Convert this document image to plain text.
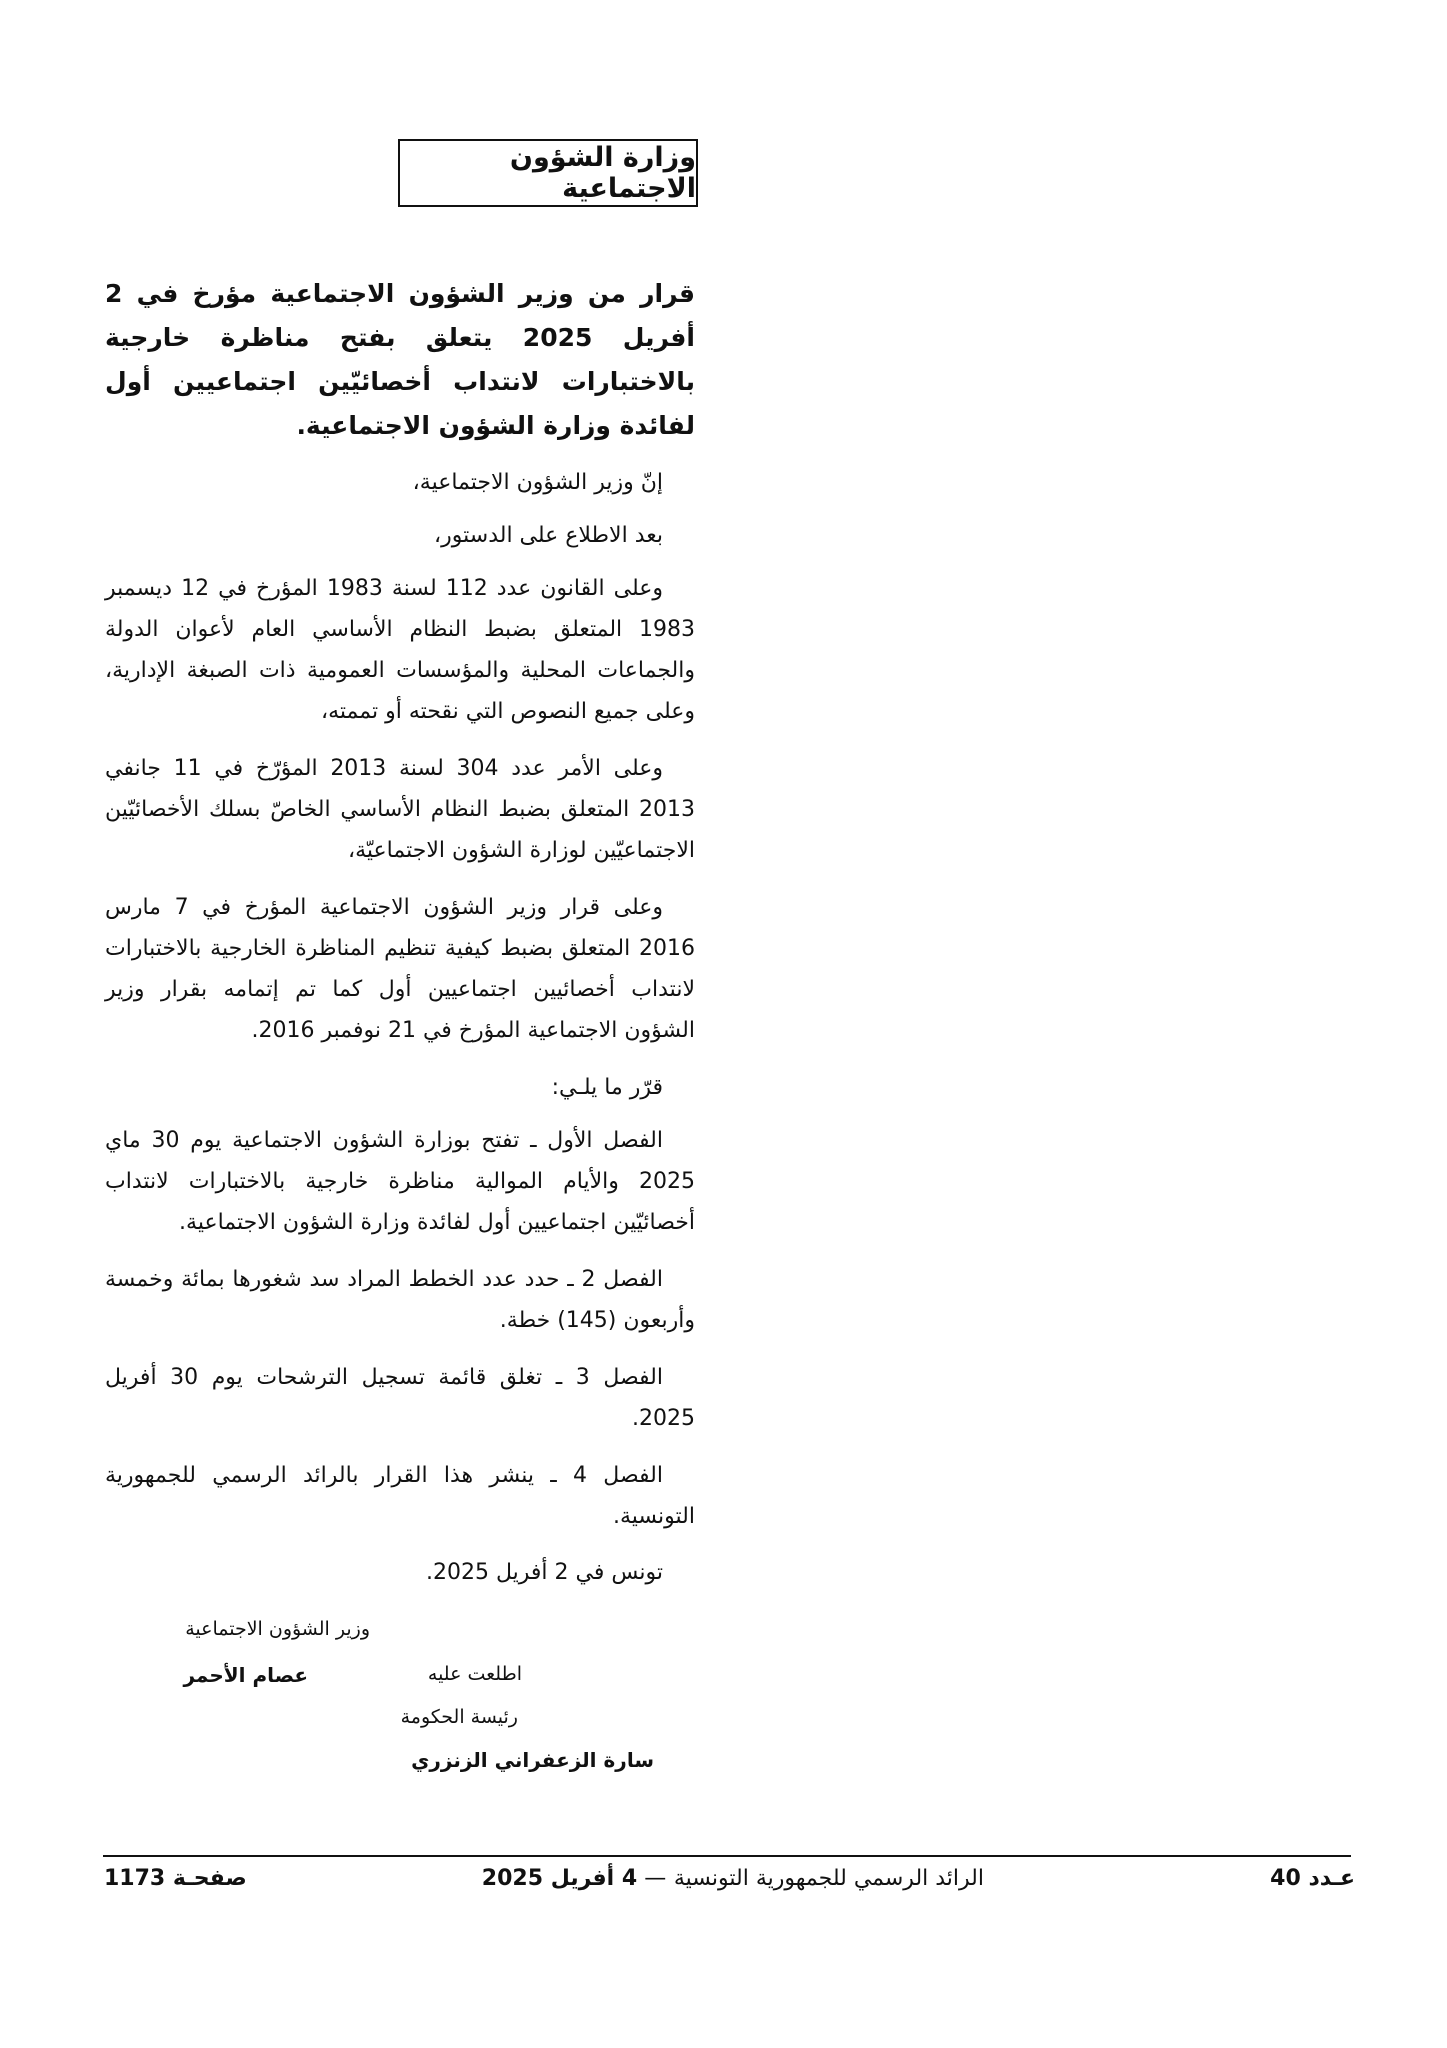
وزارة الشؤون الاجتماعية

قرار من وزير الشؤون الاجتماعية مؤرخ في 2 أفريل 2025 يتعلق بفتح مناظرة خارجية بالاختبارات لانتداب أخصائيّين اجتماعيين أول لفائدة وزارة الشؤون الاجتماعية.

إنّ وزير الشؤون الاجتماعية،

بعد الاطلاع على الدستور،

وعلى القانون عدد 112 لسنة 1983 المؤرخ في 12 ديسمبر 1983 المتعلق بضبط النظام الأساسي العام لأعوان الدولة والجماعات المحلية والمؤسسات العمومية ذات الصبغة الإدارية، وعلى جميع النصوص التي نقحته أو تممته،

وعلى الأمر عدد 304 لسنة 2013 المؤرّخ في 11 جانفي 2013 المتعلق بضبط النظام الأساسي الخاصّ بسلك الأخصائيّين الاجتماعيّين لوزارة الشؤون الاجتماعيّة،

وعلى قرار وزير الشؤون الاجتماعية المؤرخ في 7 مارس 2016 المتعلق بضبط كيفية تنظيم المناظرة الخارجية بالاختبارات لانتداب أخصائيين اجتماعيين أول كما تم إتمامه بقرار وزير الشؤون الاجتماعية المؤرخ في 21 نوفمبر 2016.

قرّر ما يلـي:

الفصل الأول ـ تفتح بوزارة الشؤون الاجتماعية يوم 30 ماي 2025 والأيام الموالية مناظرة خارجية بالاختبارات لانتداب أخصائيّين اجتماعيين أول لفائدة وزارة الشؤون الاجتماعية.

الفصل 2 ـ حدد عدد الخطط المراد سد شغورها بمائة وخمسة وأربعون (145) خطة.

الفصل 3 ـ تغلق قائمة تسجيل الترشحات يوم 30 أفريل 2025.

الفصل 4 ـ ينشر هذا القرار بالرائد الرسمي للجمهورية التونسية.

تونس في 2 أفريل 2025.

وزير الشؤون الاجتماعية
عصام الأحمر	اطلعت عليه
رئيسة الحكومة
سارة الزعفراني الزنزري
عـدد 40
الرائد الرسمي للجمهورية التونسية — 4 أفريل 2025
صفحـة 1173
